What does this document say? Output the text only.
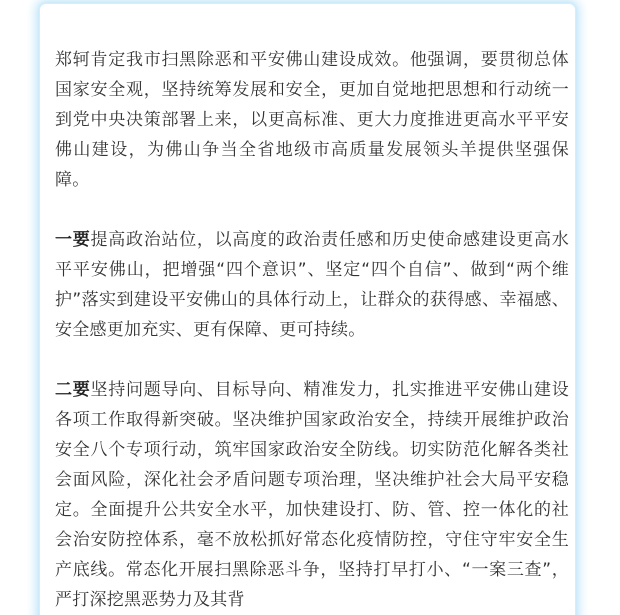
郑轲肯定我市扫黑除恶和平安佛山建设成效。他强调，要贯彻总体国家安全观，坚持统筹发展和安全，更加自觉地把思想和行动统一到党中央决策部署上来，以更高标准、更大力度推进更高水平平安佛山建设，为佛山争当全省地级市高质量发展领头羊提供坚强保障。

一要提高政治站位，以高度的政治责任感和历史使命感建设更高水平平安佛山，把增强“四个意识”、坚定“四个自信”、做到“两个维护”落实到建设平安佛山的具体行动上，让群众的获得感、幸福感、安全感更加充实、更有保障、更可持续。

二要坚持问题导向、目标导向、精准发力，扎实推进平安佛山建设各项工作取得新突破。坚决维护国家政治安全，持续开展维护政治安全八个专项行动，筑牢国家政治安全防线。切实防范化解各类社会面风险，深化社会矛盾问题专项治理，坚决维护社会大局平安稳定。全面提升公共安全水平，加快建设打、防、管、控一体化的社会治安防控体系，毫不放松抓好常态化疫情防控，守住守牢安全生产底线。常态化开展扫黑除恶斗争，坚持打早打小、“一案三查”，严打深挖黑恶势力及其背
